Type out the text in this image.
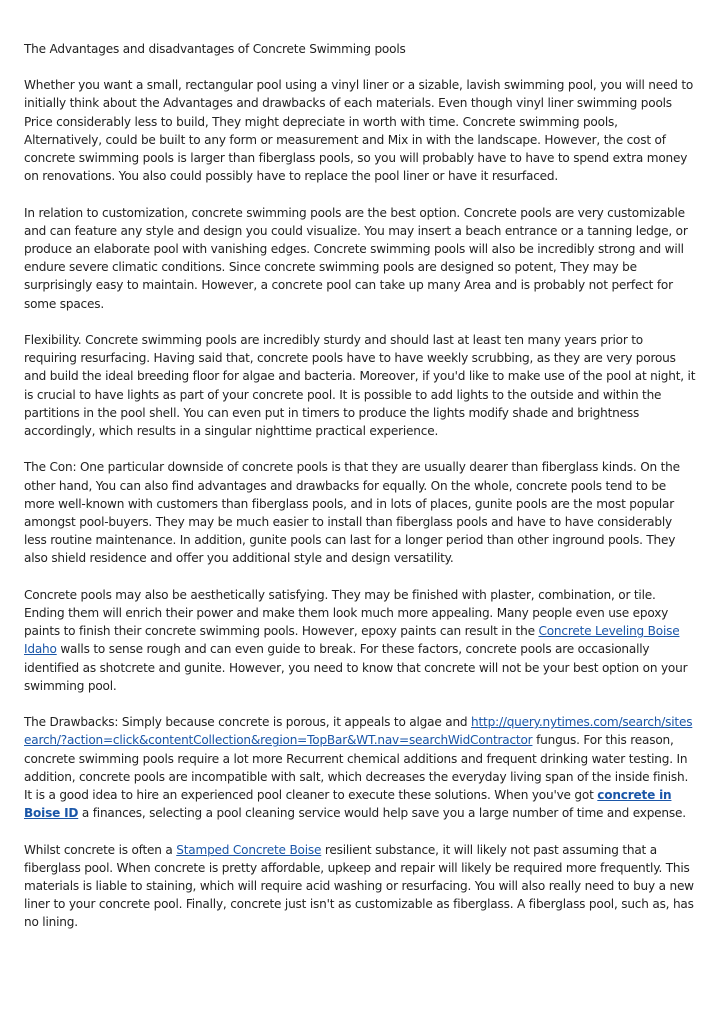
The Advantages and disadvantages of Concrete Swimming pools

Whether you want a small, rectangular pool using a vinyl liner or a sizable, lavish swimming pool, you will need to initially think about the Advantages and drawbacks of each materials. Even though vinyl liner swimming pools Price considerably less to build, They might depreciate in worth with time. Concrete swimming pools, Alternatively, could be built to any form or measurement and Mix in with the landscape. However, the cost of concrete swimming pools is larger than fiberglass pools, so you will probably have to have to spend extra money on renovations. You also could possibly have to replace the pool liner or have it resurfaced.

In relation to customization, concrete swimming pools are the best option. Concrete pools are very customizable and can feature any style and design you could visualize. You may insert a beach entrance or a tanning ledge, or produce an elaborate pool with vanishing edges. Concrete swimming pools will also be incredibly strong and will endure severe climatic conditions. Since concrete swimming pools are designed so potent, They may be surprisingly easy to maintain. However, a concrete pool can take up many Area and is probably not perfect for some spaces.

Flexibility. Concrete swimming pools are incredibly sturdy and should last at least ten many years prior to requiring resurfacing. Having said that, concrete pools have to have weekly scrubbing, as they are very porous and build the ideal breeding floor for algae and bacteria. Moreover, if you'd like to make use of the pool at night, it is crucial to have lights as part of your concrete pool. It is possible to add lights to the outside and within the partitions in the pool shell. You can even put in timers to produce the lights modify shade and brightness accordingly, which results in a singular nighttime practical experience.

The Con: One particular downside of concrete pools is that they are usually dearer than fiberglass kinds. On the other hand, You can also find advantages and drawbacks for equally. On the whole, concrete pools tend to be more well-known with customers than fiberglass pools, and in lots of places, gunite pools are the most popular amongst pool-buyers. They may be much easier to install than fiberglass pools and have to have considerably less routine maintenance. In addition, gunite pools can last for a longer period than other inground pools. They also shield residence and offer you additional style and design versatility.

Concrete pools may also be aesthetically satisfying. They may be finished with plaster, combination, or tile. Ending them will enrich their power and make them look much more appealing. Many people even use epoxy paints to finish their concrete swimming pools. However, epoxy paints can result in the Concrete Leveling Boise Idaho walls to sense rough and can even guide to break. For these factors, concrete pools are occasionally identified as shotcrete and gunite. However, you need to know that concrete will not be your best option on your swimming pool.

The Drawbacks: Simply because concrete is porous, it appeals to algae and http://query.nytimes.com/search/sitesearch/?action=click&contentCollection&region=TopBar&WT.nav=searchWidContractor fungus. For this reason, concrete swimming pools require a lot more Recurrent chemical additions and frequent drinking water testing. In addition, concrete pools are incompatible with salt, which decreases the everyday living span of the inside finish. It is a good idea to hire an experienced pool cleaner to execute these solutions. When you've got concrete in Boise ID a finances, selecting a pool cleaning service would help save you a large number of time and expense.

Whilst concrete is often a Stamped Concrete Boise resilient substance, it will likely not past assuming that a fiberglass pool. When concrete is pretty affordable, upkeep and repair will likely be required more frequently. This materials is liable to staining, which will require acid washing or resurfacing. You will also really need to buy a new liner to your concrete pool. Finally, concrete just isn't as customizable as fiberglass. A fiberglass pool, such as, has no lining.
